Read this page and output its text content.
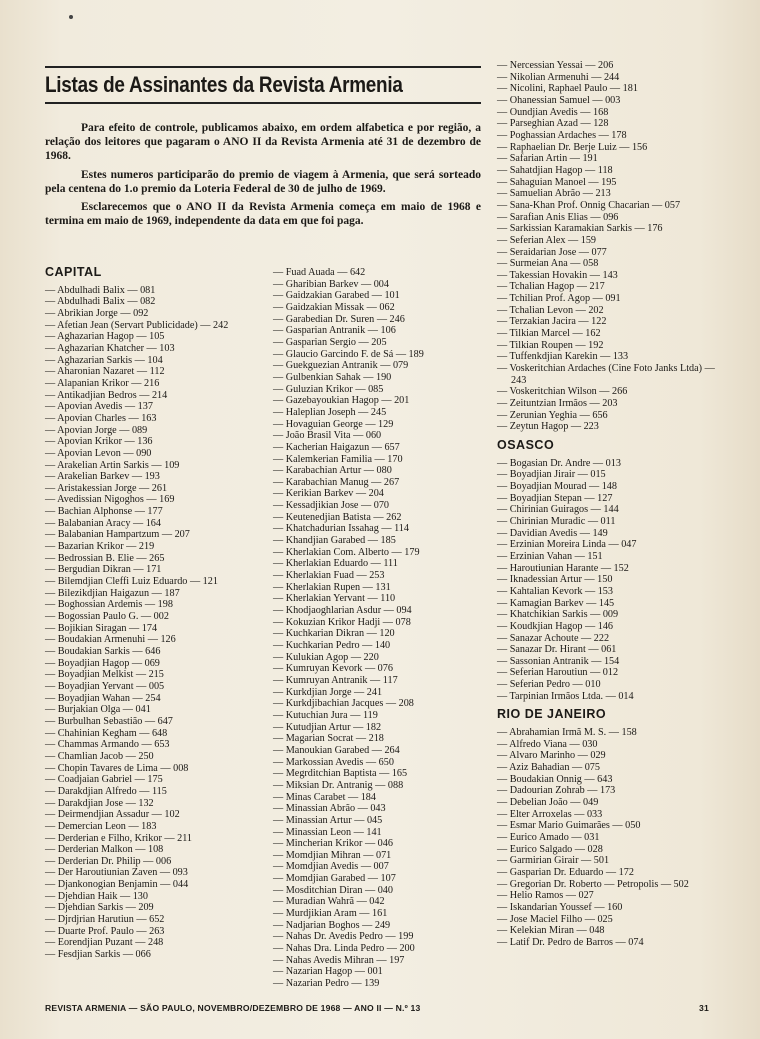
Listas de Assinantes da Revista Armenia

Para efeito de controle, publicamos abaixo, em ordem alfabetica e por região, a relação dos leitores que pagaram o ANO II da Revista Armenia até 31 de dezembro de 1968.

Estes numeros participarão do premio de viagem à Armenia, que será sorteado pela centena do 1.o premio da Loteria Federal de 30 de julho de 1969.

Esclarecemos que o ANO II da Revista Armenia começa em maio de 1968 e termina em maio de 1969, independente da data em que foi paga.

CAPITAL
— Abdulhadi Balix — 081
— Abdulhadi Balix — 082
— Abrikian Jorge — 092
— Afetian Jean (Servart Publicidade) — 242
— Aghazarian Hagop — 105
— Aghazarian Khatcher — 103
— Aghazarian Sarkis — 104
— Aharonian Nazaret — 112
— Alapanian Krikor — 216
— Antikadjian Bedros — 214
— Apovian Avedis — 137
— Apovian Charles — 163
— Apovian Jorge — 089
— Apovian Krikor — 136
— Apovian Levon — 090
— Arakelian Artin Sarkis — 109
— Arakelian Barkev — 193
— Aristakessian Jorge — 261
— Avedissian Nigoghos — 169
— Bachian Alphonse — 177
— Balabanian Aracy — 164
— Balabanian Hampartzum — 207
— Bazarian Krikor — 219
— Bedrossian B. Elie — 265
— Bergudian Dikran — 171
— Bilemdjian Cleffi Luiz Eduardo — 121
— Bilezikdjian Haigazun — 187
— Boghossian Ardemis — 198
— Bogossian Paulo G. — 002
— Bojikian Siragan — 174
— Boudakian Armenuhi — 126
— Boudakian Sarkis — 646
— Boyadjian Hagop — 069
— Boyadjian Melkist — 215
— Boyadjian Yervant — 005
— Boyadjian Wahan — 254
— Burjakian Olga — 041
— Burbulhan Sebastião — 647
— Chahinian Kegham — 648
— Chammas Armando — 653
— Chamlian Jacob — 250
— Chopin Tavares de Lima — 008
— Coadjaian Gabriel — 175
— Darakdjian Alfredo — 115
— Darakdjian Jose — 132
— Deirmendjian Assadur — 102
— Demercian Leon — 183
— Derderian e Filho, Krikor — 211
— Derderian Malkon — 108
— Derderian Dr. Philip — 006
— Der Haroutiunian Zaven — 093
— Djankonogian Benjamin — 044
— Djehdian Haik — 130
— Djehdian Sarkis — 209
— Djrdjrian Harutiun — 652
— Duarte Prof. Paulo — 263
— Eorendjian Puzant — 248
— Fesdjian Sarkis — 066
— Fuad Auada — 642
— Gharibian Barkev — 004
— Gaidzakian Garabed — 101
— Gaidzakian Missak — 062
— Garabedian Dr. Suren — 246
— Gasparian Antranik — 106
— Gasparian Sergio — 205
— Glaucio Garcindo F. de Sá — 189
— Guekguezian Antranik — 079
— Gulbenkian Sahak — 190
— Guluzian Krikor — 085
— Gazebayoukian Hagop — 201
— Haleplian Joseph — 245
— Hovaguian George — 129
— João Brasil Vita — 060
— Kacherian Haigazun — 657
— Kalemkerian Familia — 170
— Karabachian Artur — 080
— Karabachian Manug — 267
— Kerikian Barkev — 204
— Kessadjikian Jose — 070
— Keutenedjian Batista — 262
— Khatchadurian Issahag — 114
— Khandjian Garabed — 185
— Kherlakian Com. Alberto — 179
— Kherlakian Eduardo — 111
— Kherlakian Fuad — 253
— Kherlakian Rupen — 131
— Kherlakian Yervant — 110
— Khodjaoghlarian Asdur — 094
— Kokuzian Krikor Hadji — 078
— Kuchkarian Dikran — 120
— Kuchkarian Pedro — 140
— Kulukian Agop — 220
— Kumruyan Kevork — 076
— Kumruyan Antranik — 117
— Kurkdjian Jorge — 241
— Kurkdjibachian Jacques — 208
— Kutuchian Jura — 119
— Kutudjian Artur — 182
— Magarian Socrat — 218
— Manoukian Garabed — 264
— Markossian Avedis — 650
— Megrditchian Baptista — 165
— Miksian Dr. Antranig — 088
— Minas Carabet — 184
— Minassian Abrão — 043
— Minassian Artur — 045
— Minassian Leon — 141
— Mincherian Krikor — 046
— Momdjian Mihran — 071
— Momdjian Avedis — 007
— Momdjian Garabed — 107
— Mosditchian Diran — 040
— Muradian Wahrã — 042
— Murdjikian Aram — 161
— Nadjarian Boghos — 249
— Nahas Dr. Avedis Pedro — 199
— Nahas Dra. Linda Pedro — 200
— Nahas Avedis Mihran — 197
— Nazarian Hagop — 001
— Nazarian Pedro — 139
— Nercessian Yessai — 206
— Nikolian Armenuhi — 244
— Nicolini, Raphael Paulo — 181
— Ohanessian Samuel — 003
— Oundjian Avedis — 168
— Parseghian Azad — 128
— Poghassian Ardaches — 178
— Raphaelian Dr. Berje Luiz — 156
— Safarian Artin — 191
— Sahatdjian Hagop — 118
— Sahaguian Manoel — 195
— Samuelian Abrão — 213
— Sana-Khan Prof. Onnig Chacarian — 057
— Sarafian Anis Elias — 096
— Sarkissian Karamakian Sarkis — 176
— Seferian Alex — 159
— Seraidarian Jose — 077
— Surmeian Ana — 058
— Takessian Hovakin — 143
— Tchalian Hagop — 217
— Tchilian Prof. Agop — 091
— Tchalian Levon — 202
— Terzakian Jacira — 122
— Tilkian Marcel — 162
— Tilkian Roupen — 192
— Tuffenkdjian Karekin — 133
— Voskeritchian Ardaches (Cine Foto Janks Ltda) — 243
— Voskeritchian Wilson — 266
— Zeituntzian Irmãos — 203
— Zerunian Yeghia — 656
— Zeytun Hagop — 223
OSASCO
— Bogasian Dr. Andre — 013
— Boyadjian Jirair — 015
— Boyadjian Mourad — 148
— Boyadjian Stepan — 127
— Chirinian Guiragos — 144
— Chirinian Muradic — 011
— Davidian Avedis — 149
— Erzinian Moreira Linda — 047
— Erzinian Vahan — 151
— Haroutiunian Harante — 152
— Iknadessian Artur — 150
— Kahtalian Kevork — 153
— Kamagian Barkev — 145
— Khatchikian Sarkis — 009
— Koudkjian Hagop — 146
— Sanazar Achoute — 222
— Sanazar Dr. Hirant — 061
— Sassonian Antranik — 154
— Seferian Haroutiun — 012
— Seferian Pedro — 010
— Tarpinian Irmãos Ltda. — 014
RIO DE JANEIRO
— Abrahamian Irmã M. S. — 158
— Alfredo Viana — 030
— Alvaro Marinho — 029
— Aziz Bahadian — 075
— Boudakian Onnig — 643
— Dadourian Zohrab — 173
— Debelian João — 049
— Elter Arroxelas — 033
— Esmar Mario Guimarães — 050
— Eurico Amado — 031
— Eurico Salgado — 028
— Garmirian Girair — 501
— Gasparian Dr. Eduardo — 172
— Gregorian Dr. Roberto — Petropolis — 502
— Helio Ramos — 027
— Iskandarian Youssef — 160
— Jose Maciel Filho — 025
— Kelekian Miran — 048
— Latif Dr. Pedro de Barros — 074
REVISTA ARMENIA — SÃO PAULO, NOVEMBRO/DEZEMBRO DE 1968 — ANO II — N.º 13	31
